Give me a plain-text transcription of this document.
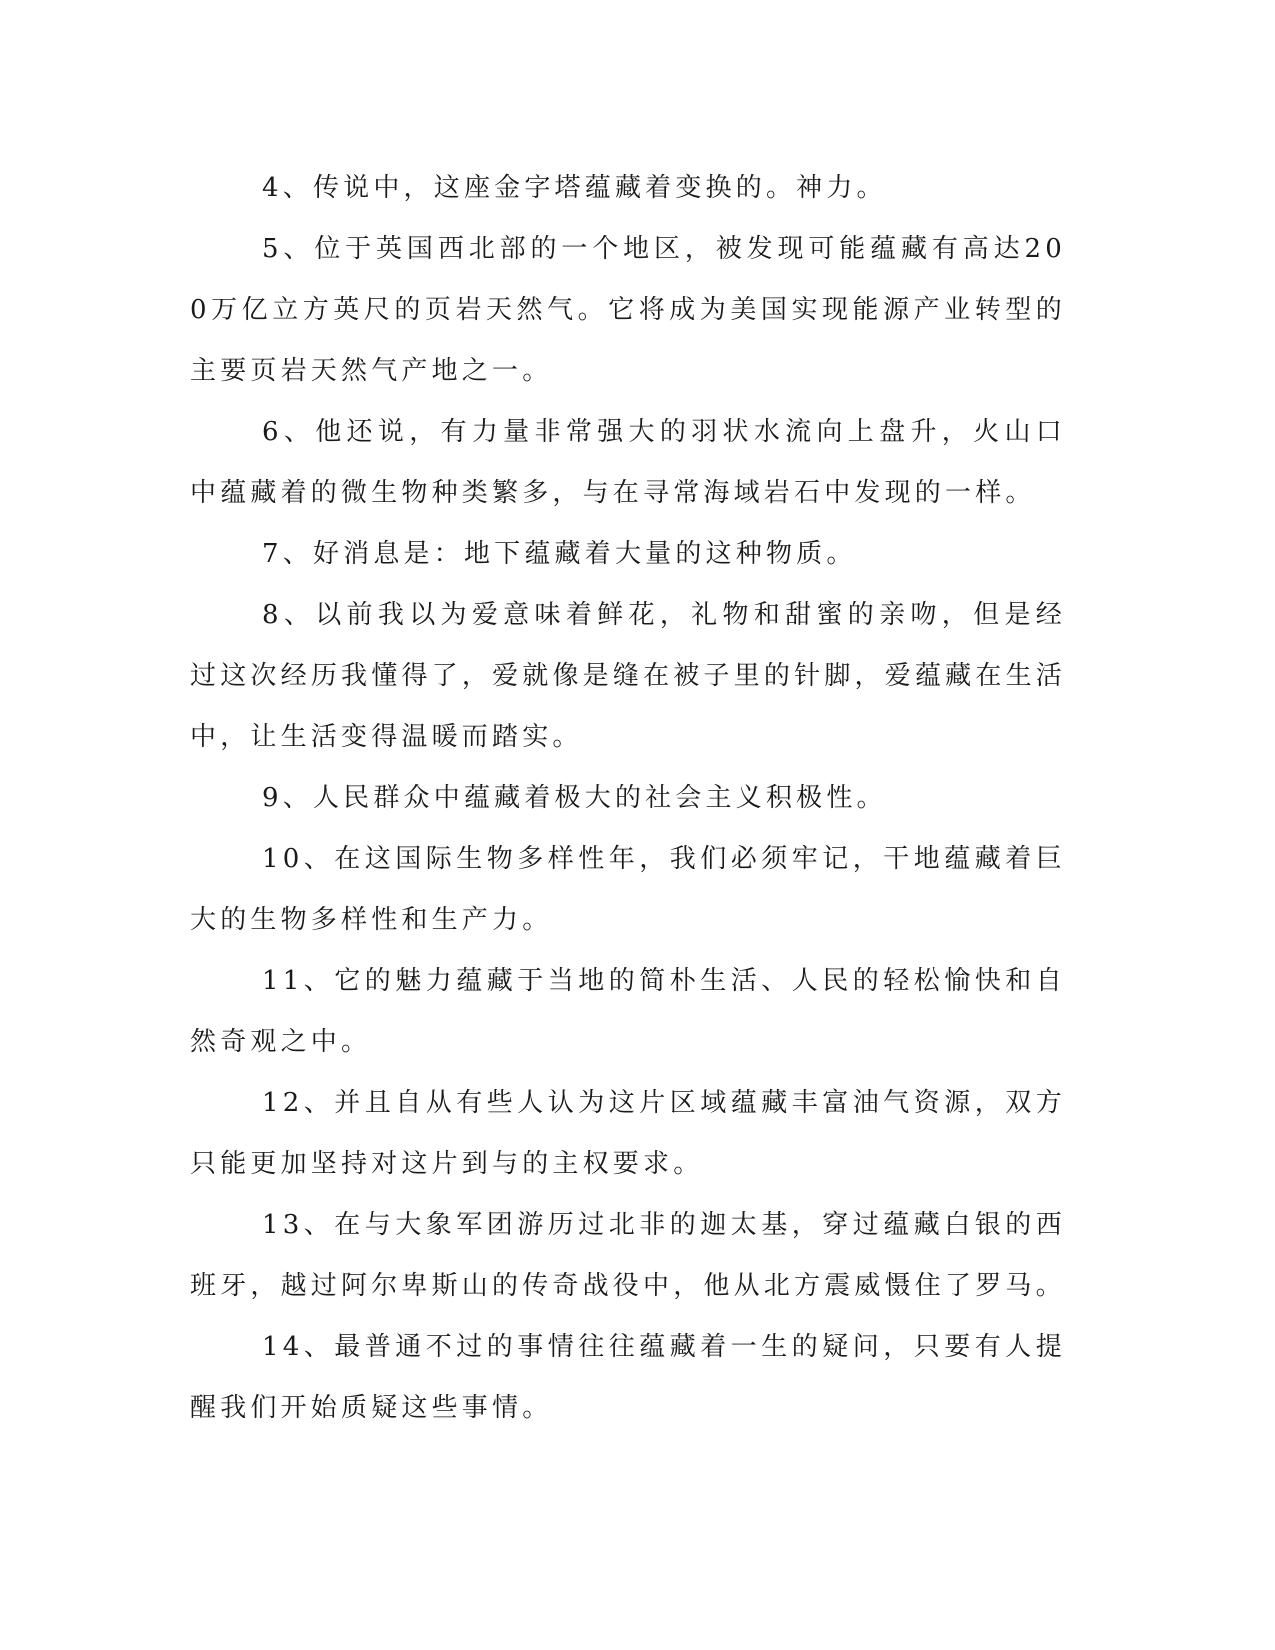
4、传说中，这座金字塔蕴藏着变换的。神力。

5、位于英国西北部的一个地区，被发现可能蕴藏有高达200万亿立方英尺的页岩天然气。它将成为美国实现能源产业转型的主要页岩天然气产地之一。

6、他还说，有力量非常强大的羽状水流向上盘升，火山口中蕴藏着的微生物种类繁多，与在寻常海域岩石中发现的一样。

7、好消息是：地下蕴藏着大量的这种物质。

8、以前我以为爱意味着鲜花，礼物和甜蜜的亲吻，但是经过这次经历我懂得了，爱就像是缝在被子里的针脚，爱蕴藏在生活中，让生活变得温暖而踏实。

9、人民群众中蕴藏着极大的社会主义积极性。

10、在这国际生物多样性年，我们必须牢记，干地蕴藏着巨大的生物多样性和生产力。

11、它的魅力蕴藏于当地的简朴生活、人民的轻松愉快和自然奇观之中。

12、并且自从有些人认为这片区域蕴藏丰富油气资源，双方只能更加坚持对这片到与的主权要求。

13、在与大象军团游历过北非的迦太基，穿过蕴藏白银的西班牙，越过阿尔卑斯山的传奇战役中，他从北方震威慑住了罗马。

14、最普通不过的事情往往蕴藏着一生的疑问，只要有人提醒我们开始质疑这些事情。
